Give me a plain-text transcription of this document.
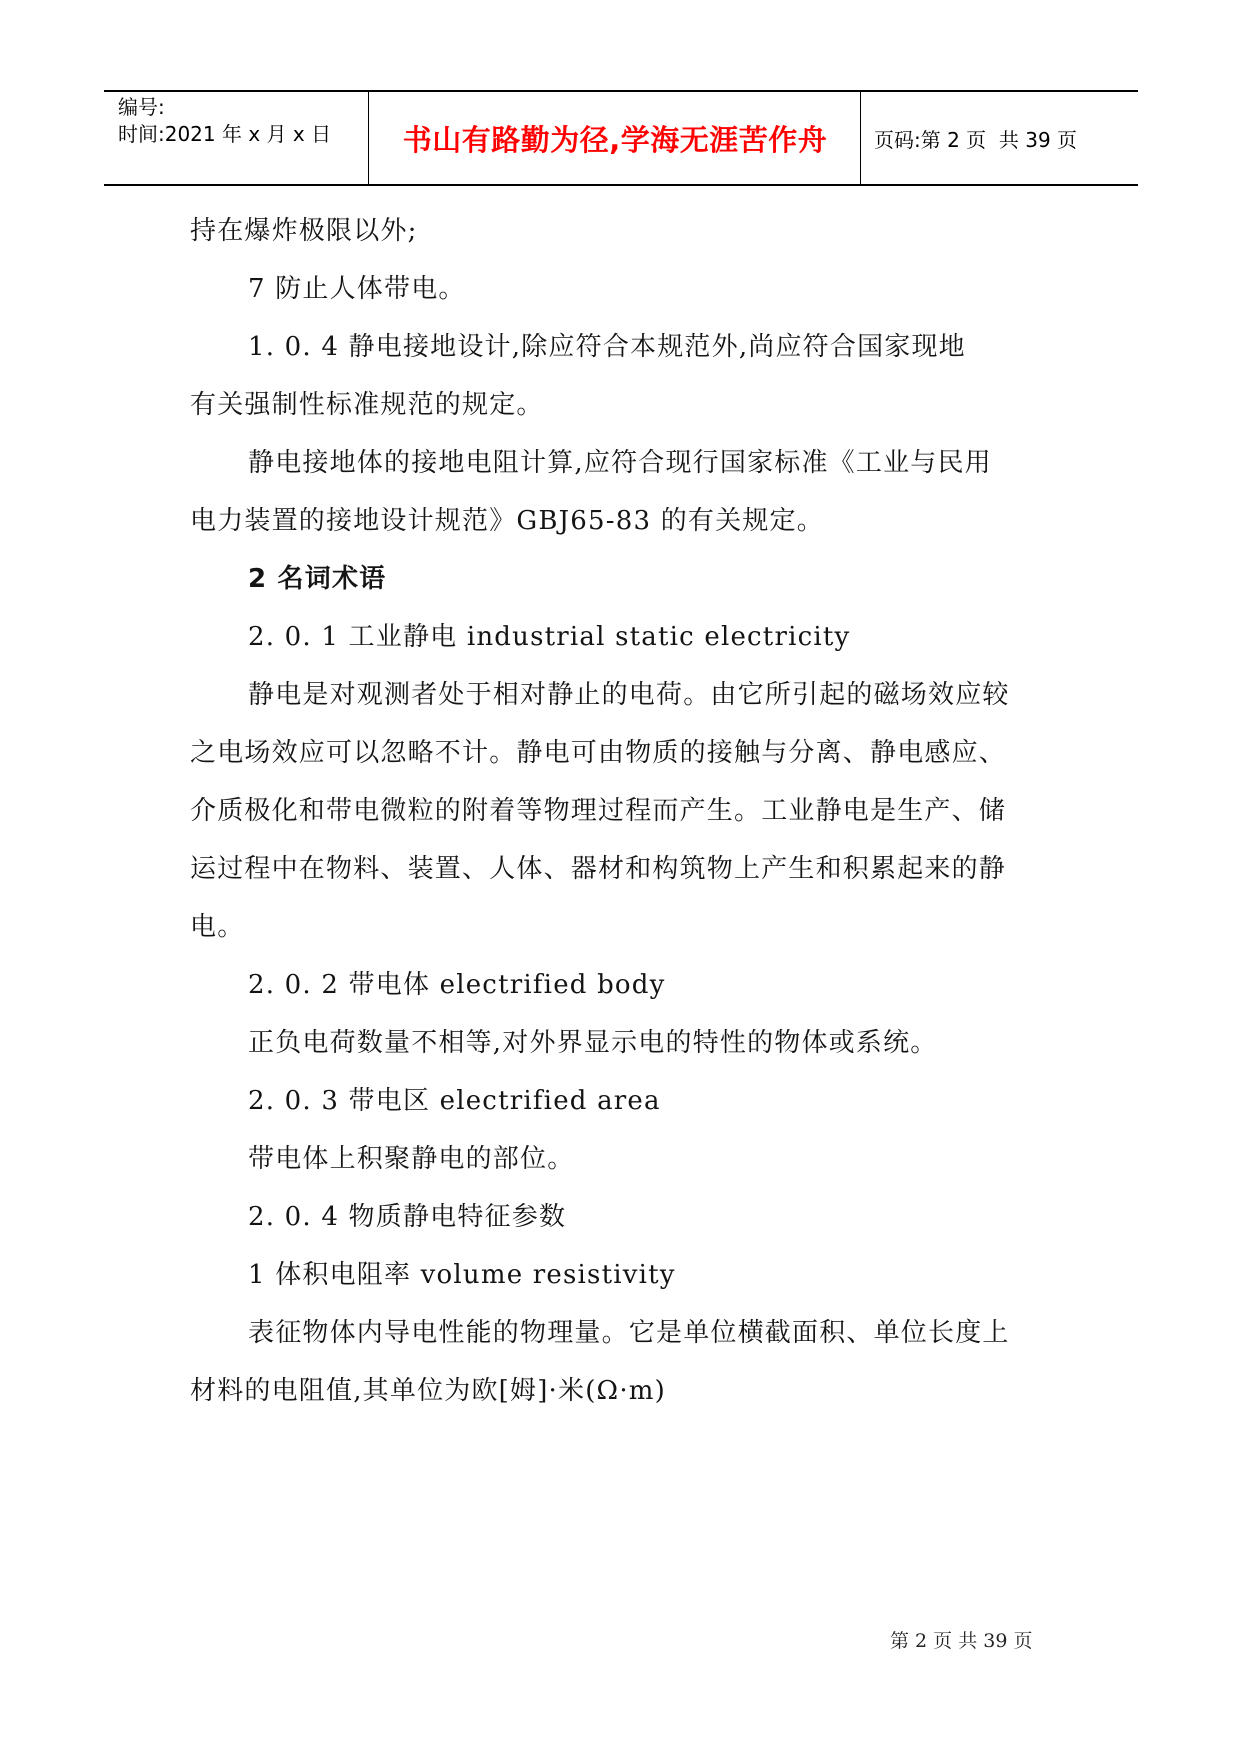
编号:
时间:2021 年 x 月 x 日	书山有路勤为径,学海无涯苦作舟	页码:第 2 页  共 39 页
持在爆炸极限以外;
7 防止人体带电。
1. 0. 4 静电接地设计,除应符合本规范外,尚应符合国家现地
有关强制性标准规范的规定。
静电接地体的接地电阻计算,应符合现行国家标准《工业与民用
电力装置的接地设计规范》GBJ65-83 的有关规定。
2 名词术语
2. 0. 1 工业静电 industrial static electricity
静电是对观测者处于相对静止的电荷。由它所引起的磁场效应较
之电场效应可以忽略不计。静电可由物质的接触与分离、静电感应、
介质极化和带电微粒的附着等物理过程而产生。工业静电是生产、储
运过程中在物料、装置、人体、器材和构筑物上产生和积累起来的静
电。
2. 0. 2 带电体 electrified body
正负电荷数量不相等,对外界显示电的特性的物体或系统。
2. 0. 3 带电区 electrified area
带电体上积聚静电的部位。
2. 0. 4 物质静电特征参数
1 体积电阻率 volume resistivity
表征物体内导电性能的物理量。它是单位横截面积、单位长度上
材料的电阻值,其单位为欧[姆]·米(Ω·m)
第 2 页 共 39 页
